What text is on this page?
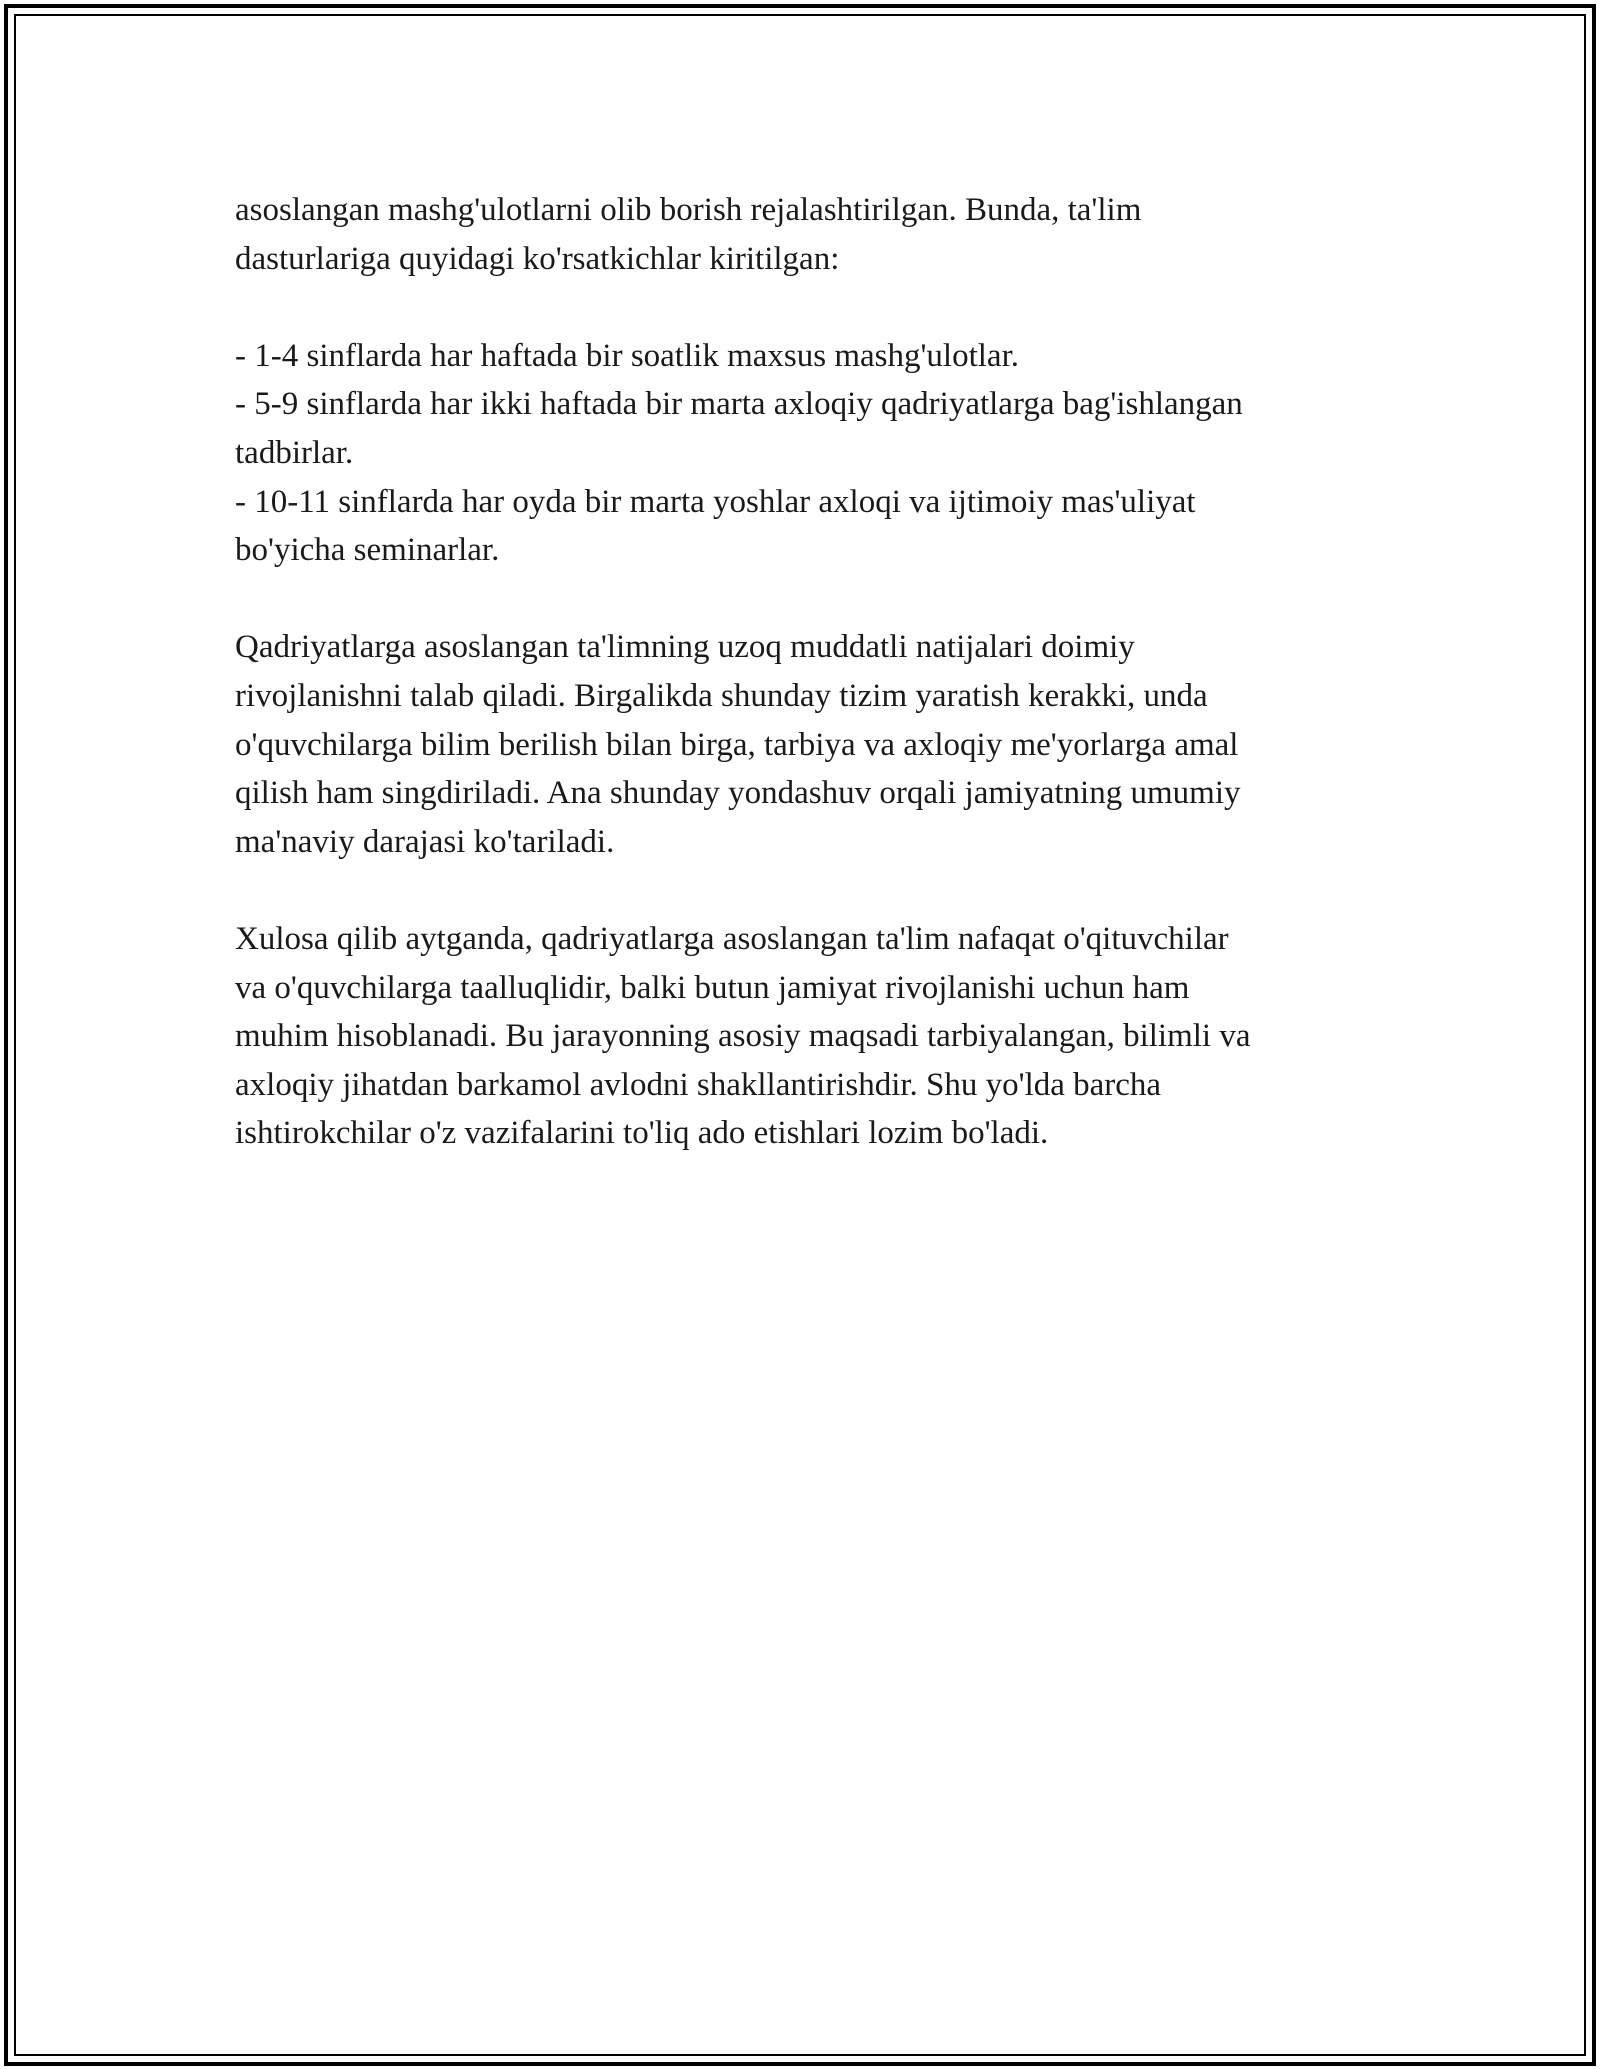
asoslangan mashg'ulotlarni olib borish rejalashtirilgan. Bunda, ta'lim
dasturlariga quyidagi ko'rsatkichlar kiritilgan:

- 1-4 sinflarda har haftada bir soatlik maxsus mashg'ulotlar.
- 5-9 sinflarda har ikki haftada bir marta axloqiy qadriyatlarga bag'ishlangan
tadbirlar.
- 10-11 sinflarda har oyda bir marta yoshlar axloqi va ijtimoiy mas'uliyat
bo'yicha seminarlar.

Qadriyatlarga asoslangan ta'limning uzoq muddatli natijalari doimiy
rivojlanishni talab qiladi. Birgalikda shunday tizim yaratish kerakki, unda
o'quvchilarga bilim berilish bilan birga, tarbiya va axloqiy me'yorlarga amal
qilish ham singdiriladi. Ana shunday yondashuv orqali jamiyatning umumiy
ma'naviy darajasi ko'tariladi.

Xulosa qilib aytganda, qadriyatlarga asoslangan ta'lim nafaqat o'qituvchilar
va o'quvchilarga taalluqlidir, balki butun jamiyat rivojlanishi uchun ham
muhim hisoblanadi. Bu jarayonning asosiy maqsadi tarbiyalangan, bilimli va
axloqiy jihatdan barkamol avlodni shakllantirishdir. Shu yo'lda barcha
ishtirokchilar o'z vazifalarini to'liq ado etishlari lozim bo'ladi.
